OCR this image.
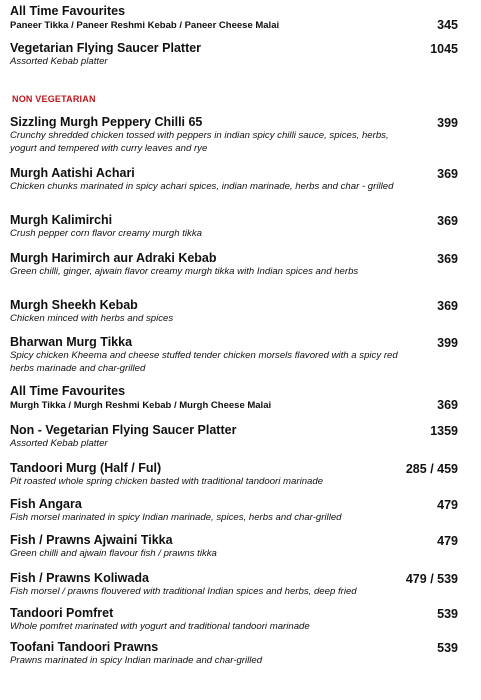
All Time Favourites
Paneer Tikka / Paneer Reshmi Kebab / Paneer Cheese Malai	345
Vegetarian Flying Saucer Platter
Assorted Kebab platter
1045
NON VEGETARIAN
Sizzling Murgh Peppery Chilli 65
Crunchy shredded chicken tossed with peppers in indian spicy chilli sauce, spices, herbs, yogurt and tempered with curry leaves and rye
399
Murgh Aatishi Achari
Chicken chunks marinated in spicy achari spices, indian marinade, herbs and char - grilled
369
Murgh Kalimirchi
Crush pepper corn flavor creamy murgh tikka
369
Murgh Harimirch aur Adraki Kebab
Green chilli, ginger, ajwain flavor creamy murgh tikka with Indian spices and herbs
369
Murgh Sheekh Kebab
Chicken minced with herbs and spices
369
Bharwan Murg Tikka
Spicy chicken Kheema and cheese stuffed tender chicken morsels flavored with a spicy red herbs marinade and char-grilled
399
All Time Favourites
Murgh Tikka / Murgh Reshmi Kebab / Murgh Cheese Malai	369
Non - Vegetarian Flying Saucer Platter
Assorted Kebab platter
1359
Tandoori Murg (Half / Ful)
Pit roasted whole spring chicken basted with traditional tandoori marinade
285 / 459
Fish Angara
Fish morsel marinated in spicy Indian marinade, spices, herbs and char-grilled
479
Fish / Prawns Ajwaini Tikka
Green chilli and ajwain flavour fish / prawns tikka
479
Fish / Prawns Koliwada
Fish morsel / prawns flouvered with traditional Indian spices and herbs, deep fried
479 / 539
Tandoori Pomfret
Whole pomfret marinated with yogurt and traditional tandoori marinade
539
Toofani Tandoori Prawns
Prawns marinated in spicy Indian marinade and char-grilled
539
